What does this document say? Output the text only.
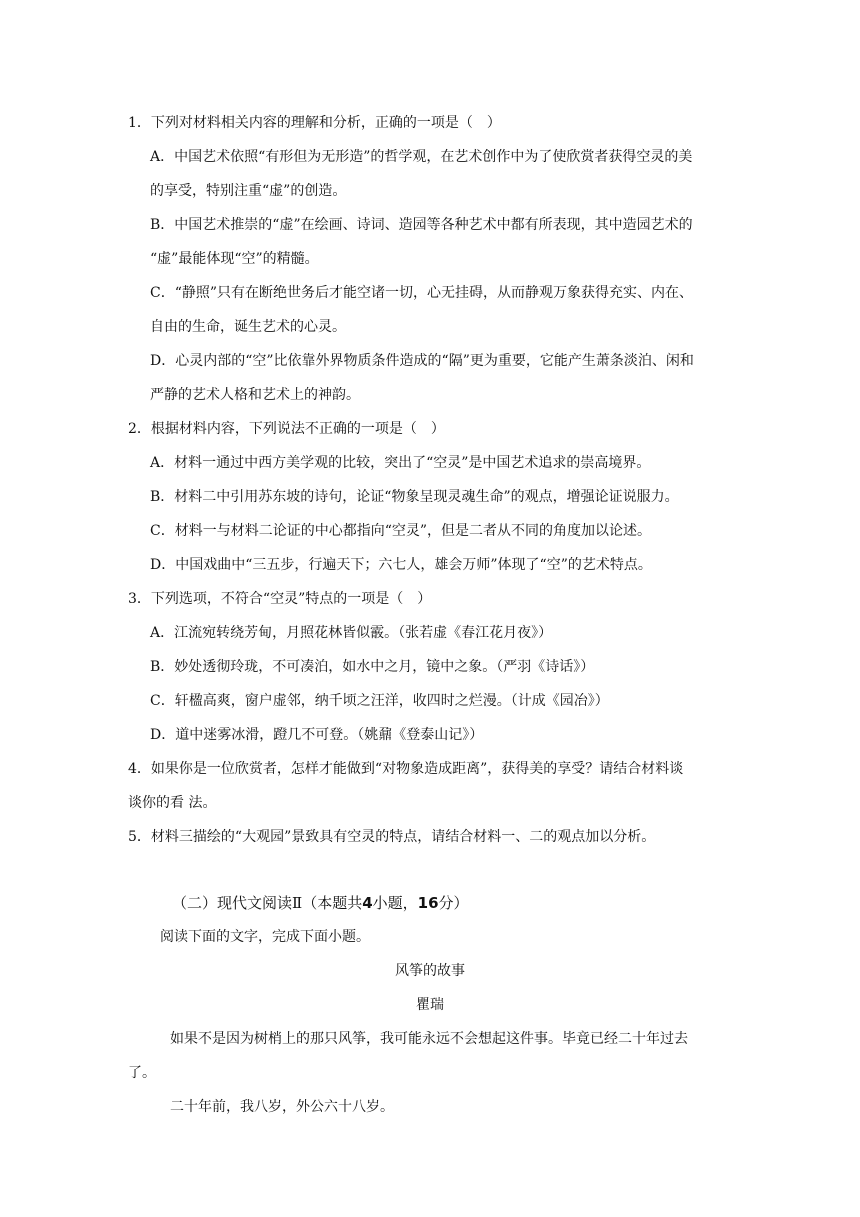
1．下列对材料相关内容的理解和分析，正确的一项是（　）
A．中国艺术依照“有形但为无形造”的哲学观，在艺术创作中为了使欣赏者获得空灵的美
的享受，特别注重“虚”的创造。
B．中国艺术推崇的“虚”在绘画、诗词、造园等各种艺术中都有所表现，其中造园艺术的
“虚”最能体现“空”的精髓。
C．“静照”只有在断绝世务后才能空诸一切，心无挂碍，从而静观万象获得充实、内在、
自由的生命，诞生艺术的心灵。
D．心灵内部的“空”比依靠外界物质条件造成的“隔”更为重要，它能产生萧条淡泊、闲和
严静的艺术人格和艺术上的神韵。
2．根据材料内容，下列说法不正确的一项是（　）
A．材料一通过中西方美学观的比较，突出了“空灵”是中国艺术追求的崇高境界。
B．材料二中引用苏东坡的诗句，论证“物象呈现灵魂生命”的观点，增强论证说服力。
C．材料一与材料二论证的中心都指向“空灵”，但是二者从不同的角度加以论述。
D．中国戏曲中“三五步，行遍天下；六七人，雄会万师”体现了“空”的艺术特点。
3．下列选项，不符合“空灵”特点的一项是（　）
A．江流宛转绕芳甸，月照花林皆似霰。（张若虚《春江花月夜》）
B．妙处透彻玲珑，不可凑泊，如水中之月，镜中之象。（严羽《诗话》）
C．轩楹高爽，窗户虚邻，纳千顷之汪洋，收四时之烂漫。（计成《园冶》）
D．道中迷雾冰滑，蹬几不可登。（姚鼐《登泰山记》）
4．如果你是一位欣赏者，怎样才能做到“对物象造成距离”，获得美的享受？请结合材料谈
谈你的看 法。
5．材料三描绘的“大观园”景致具有空灵的特点，请结合材料一、二的观点加以分析。
（二）现代文阅读Ⅱ（本题共4小题，16分）
阅读下面的文字，完成下面小题。
风筝的故事
瞿瑞
如果不是因为树梢上的那只风筝，我可能永远不会想起这件事。毕竟已经二十年过去
了。
二十年前，我八岁，外公六十八岁。
